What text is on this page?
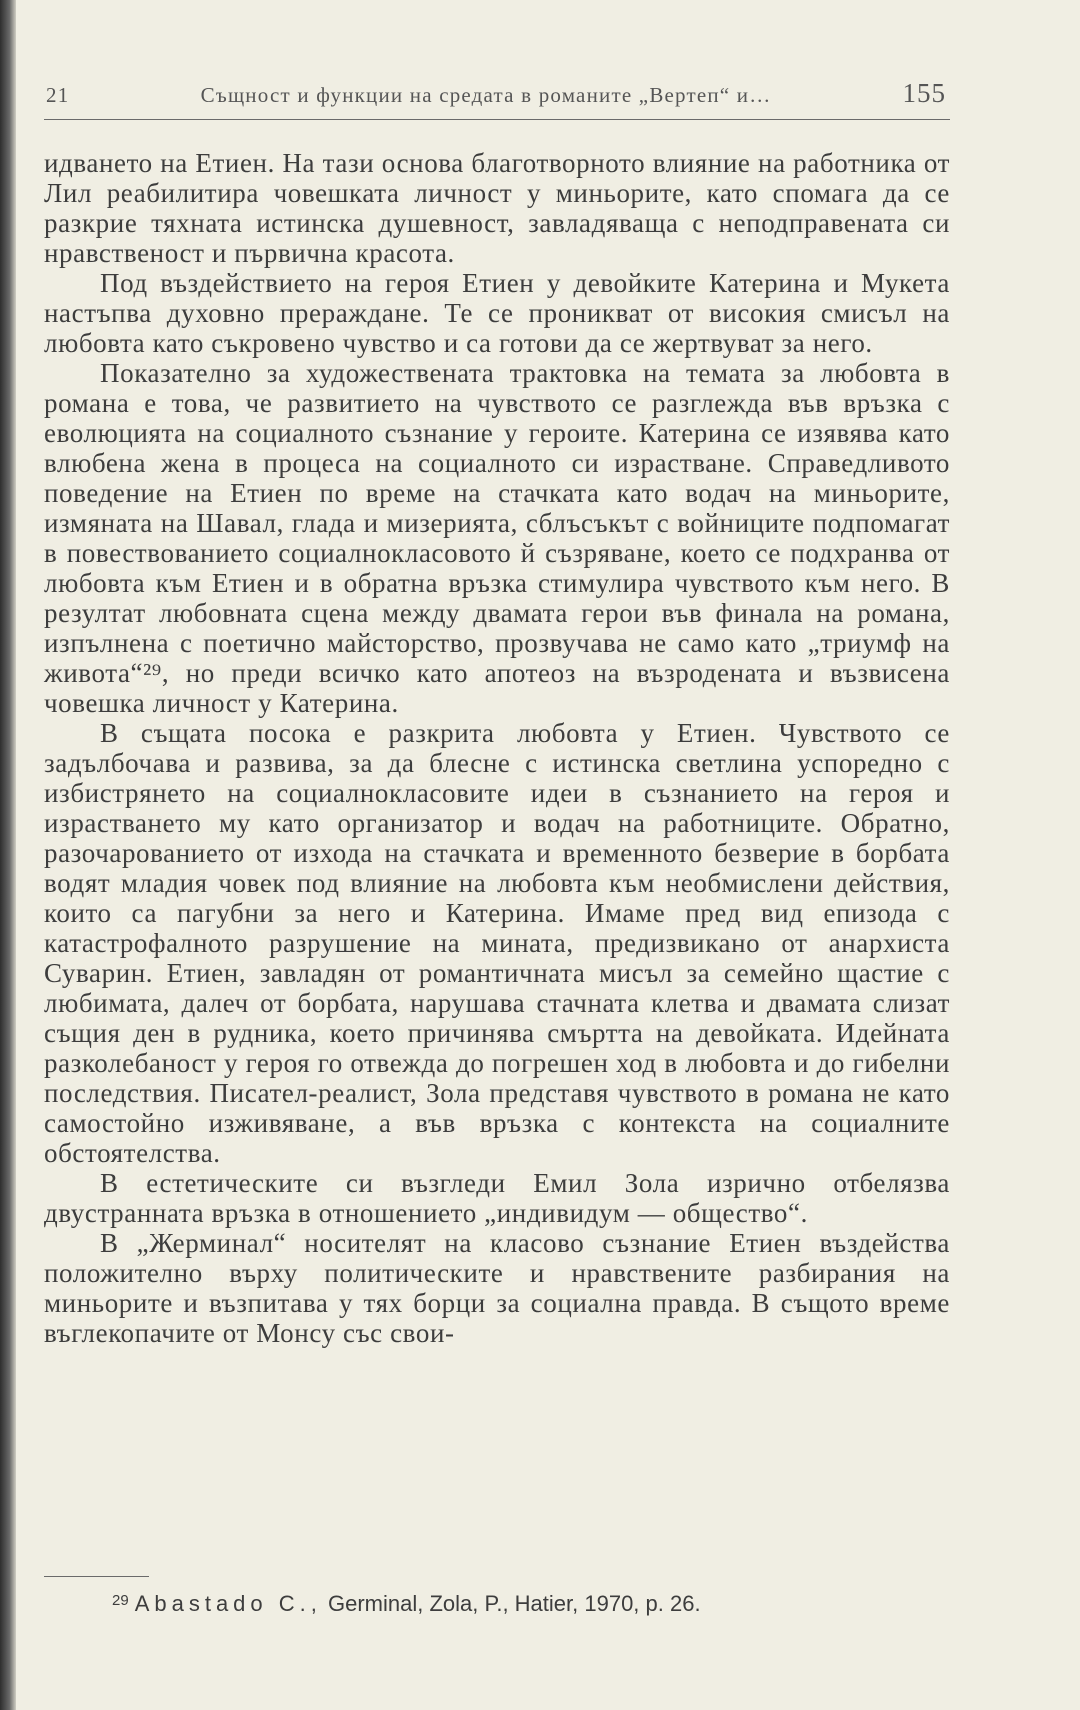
21	Същност и функции на средата в романите „Вертеп“ и…	155

идването на Етиен. На тази основа благотворното влияние на работника от Лил реабилитира човешката личност у миньорите, като спомага да се разкрие тяхната истинска душевност, завладяваща с неподправената си нравственост и първична красота.

Под въздействието на героя Етиен у девойките Катерина и Мукета настъпва духовно прераждане. Те се проникват от високия смисъл на любовта като съкровено чувство и са готови да се жертвуват за него.

Показателно за художествената трактовка на темата за любовта в романа е това, че развитието на чувството се разглежда във връзка с еволюцията на социалното съзнание у героите. Катерина се изявява като влюбена жена в процеса на социалното си израстване. Справедливото поведение на Етиен по време на стачката като водач на миньорите, измяната на Шавал, глада и мизерията, сблъсъкът с войниците подпомагат в повествованието социалнокласовото й съзряване, което се подхранва от любовта към Етиен и в обратна връзка стимулира чувството към него. В резултат любовната сцена между двамата герои във финала на романа, изпълнена с поетично майсторство, прозвучава не само като „триумф на живота“²⁹, но преди всичко като апотеоз на възродената и възвисена човешка личност у Катерина.

В същата посока е разкрита любовта у Етиен. Чувството се задълбочава и развива, за да блесне с истинска светлина успоредно с избистрянето на социалнокласовите идеи в съзнанието на героя и израстването му като организатор и водач на работниците. Обратно, разочарованието от изхода на стачката и временното безверие в борбата водят младия човек под влияние на любовта към необмислени действия, които са пагубни за него и Катерина. Имаме пред вид епизода с катастрофалното разрушение на мината, предизвикано от анархиста Суварин. Етиен, завладян от романтичната мисъл за семейно щастие с любимата, далеч от борбата, нарушава стачната клетва и двамата слизат същия ден в рудника, което причинява смъртта на девойката. Идейната разколебаност у героя го отвежда до погрешен ход в любовта и до гибелни последствия. Писател-реалист, Зола представя чувството в романа не като самостойно изживяване, а във връзка с контекста на социалните обстоятелства.

В естетическите си възгледи Емил Зола изрично отбелязва двустранната връзка в отношението „индивидум — общество“.

В „Жерминал“ носителят на класово съзнание Етиен въздейства положително върху политическите и нравствените разбирания на миньорите и възпитава у тях борци за социална правда. В същото време въглекопачите от Монсу със свои-

$^{29}$ Abastado C., Germinal, Zola, P., Hatier, 1970, p. 26.
